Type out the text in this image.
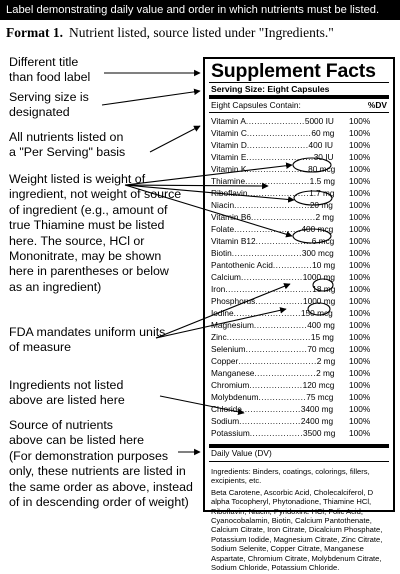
Label demonstrating daily value and order in which nutrients must be listed.
Format 1. Nutrient listed, source listed under "Ingredients."
Different title
than food label
Serving size is
designated
All nutrients listed on
a "Per Serving" basis
Weight listed is weight of
ingredient, not weight of source
of ingredient (e.g., amount of
true Thiamine must be listed
here. The source, HCl or
Mononitrate, may be shown
here in parentheses or below
as an ingredient)
FDA mandates uniform units
of measure
Ingredients not listed
above are listed here
Source of nutrients
above can be listed here
(For demonstration purposes
only, these nutrients are listed in
the same order as above, instead
of in descending order of weight)
Supplement Facts
Serving Size: Eight Capsules
Eight Capsules Contain:	%DV
Vitamin A.....................5000 IU 100%
Vitamin C.......................60 mg 100%
Vitamin D......................400 IU 100%
Vitamin E........................30 IU 100%
Vitamin K......................80 mcg 100%
Thiamine.......................1.5 mg 100%
Riboflavin......................1.7 mg 100%
Niacin...........................20 mg 100%
Vitamin B6.......................2 mg 100%
Folate........................400 mcg 100%
Vitamin B12....................6 mcg 100%
Biotin.........................300 mcg 100%
Pantothenic Acid..............10 mg 100%
Calcium......................1000 mg 100%
Iron...............................18 mg 100%
Phosphorus.................1000 mg 100%
Iodine........................150 mcg 100%
Magnesium...................400 mg 100%
Zinc..............................15 mg 100%
Selenium......................70 mcg 100%
Copper............................2 mg 100%
Manganese......................2 mg 100%
Chromium...................120 mcg 100%
Molybdenum.................75 mcg 100%
Chloride.....................3400 mg 100%
Sodium......................2400 mg 100%
Potassium...................3500 mg 100%
Daily Value (DV)

Ingredients: Binders, coatings, colorings, fillers, excipients, etc.

Beta Carotene, Ascorbic Acid, Cholecalciferol, D alpha Tocopheryl, Phytonadione, Thiamine HCl, Riboflavin, Niacin, Pyridoxine HCl, Folic Acid, Cyanocobalamin, Biotin, Calcium Pantothenate, Calcium Citrate, Iron Citrate, Dicalcium Phosphate, Potassium Iodide, Magnesium Citrate, Zinc Citrate, Sodium Selenite, Copper Citrate, Manganese Aspartate, Chromium Citrate, Molybdenum Citrate, Sodium Chloride, Potassium Chloride.
